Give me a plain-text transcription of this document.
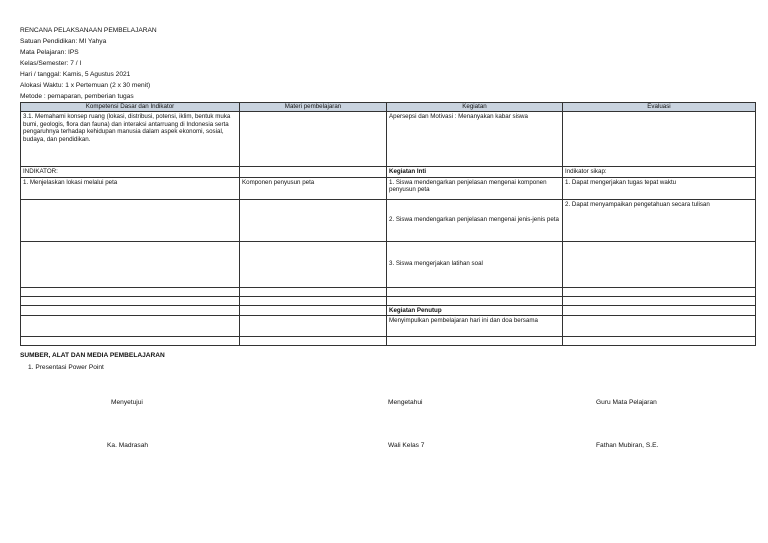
RENCANA PELAKSANAAN PEMBELAJARAN
Satuan Pendidikan: MI Yahya
Mata Pelajaran: IPS
Kelas/Semester: 7 / I
Hari / tanggal: Kamis, 5 Agustus 2021
Alokasi Waktu: 1 x Pertemuan (2 x 30 menit)
Metode : pemaparan, pemberian tugas
Kompetensi Dasar dan Indikator	Materi pembelajaran	Kegiatan	Evaluasi
3.1. Memahami konsep ruang (lokasi, distribusi, potensi, iklim, bentuk muka bumi, geologis, flora dan fauna) dan interaksi antarruang di Indonesia serta pengaruhnya terhadap kehidupan manusia dalam aspek ekonomi, sosial, budaya, dan pendidikan.		Apersepsi dan Motivasi : Menanyakan kabar siswa	
INDIKATOR:		Kegiatan Inti	Indikator sikap:
1. Menjelaskan lokasi melalui peta	Komponen penyusun peta	1. Siswa mendengarkan penjelasan mengenai komponen penyusun peta	1. Dapat mengerjakan tugas tepat waktu
		2. Siswa mendengarkan penjelasan mengenai jenis-jenis peta	2. Dapat menyampaikan pengetahuan secara tulisan
		3. Siswa mengerjakan latihan soal	

		Kegiatan Penutup	
		Menyimpulkan pembelajaran hari ini dan doa bersama	

SUMBER, ALAT DAN MEDIA PEMBELAJARAN
1. Presentasi Power Point
Menyetujui	Mengetahui	Guru Mata Pelajaran
Ka. Madrasah	Wali Kelas 7	Fathan Mubiran, S.E.
